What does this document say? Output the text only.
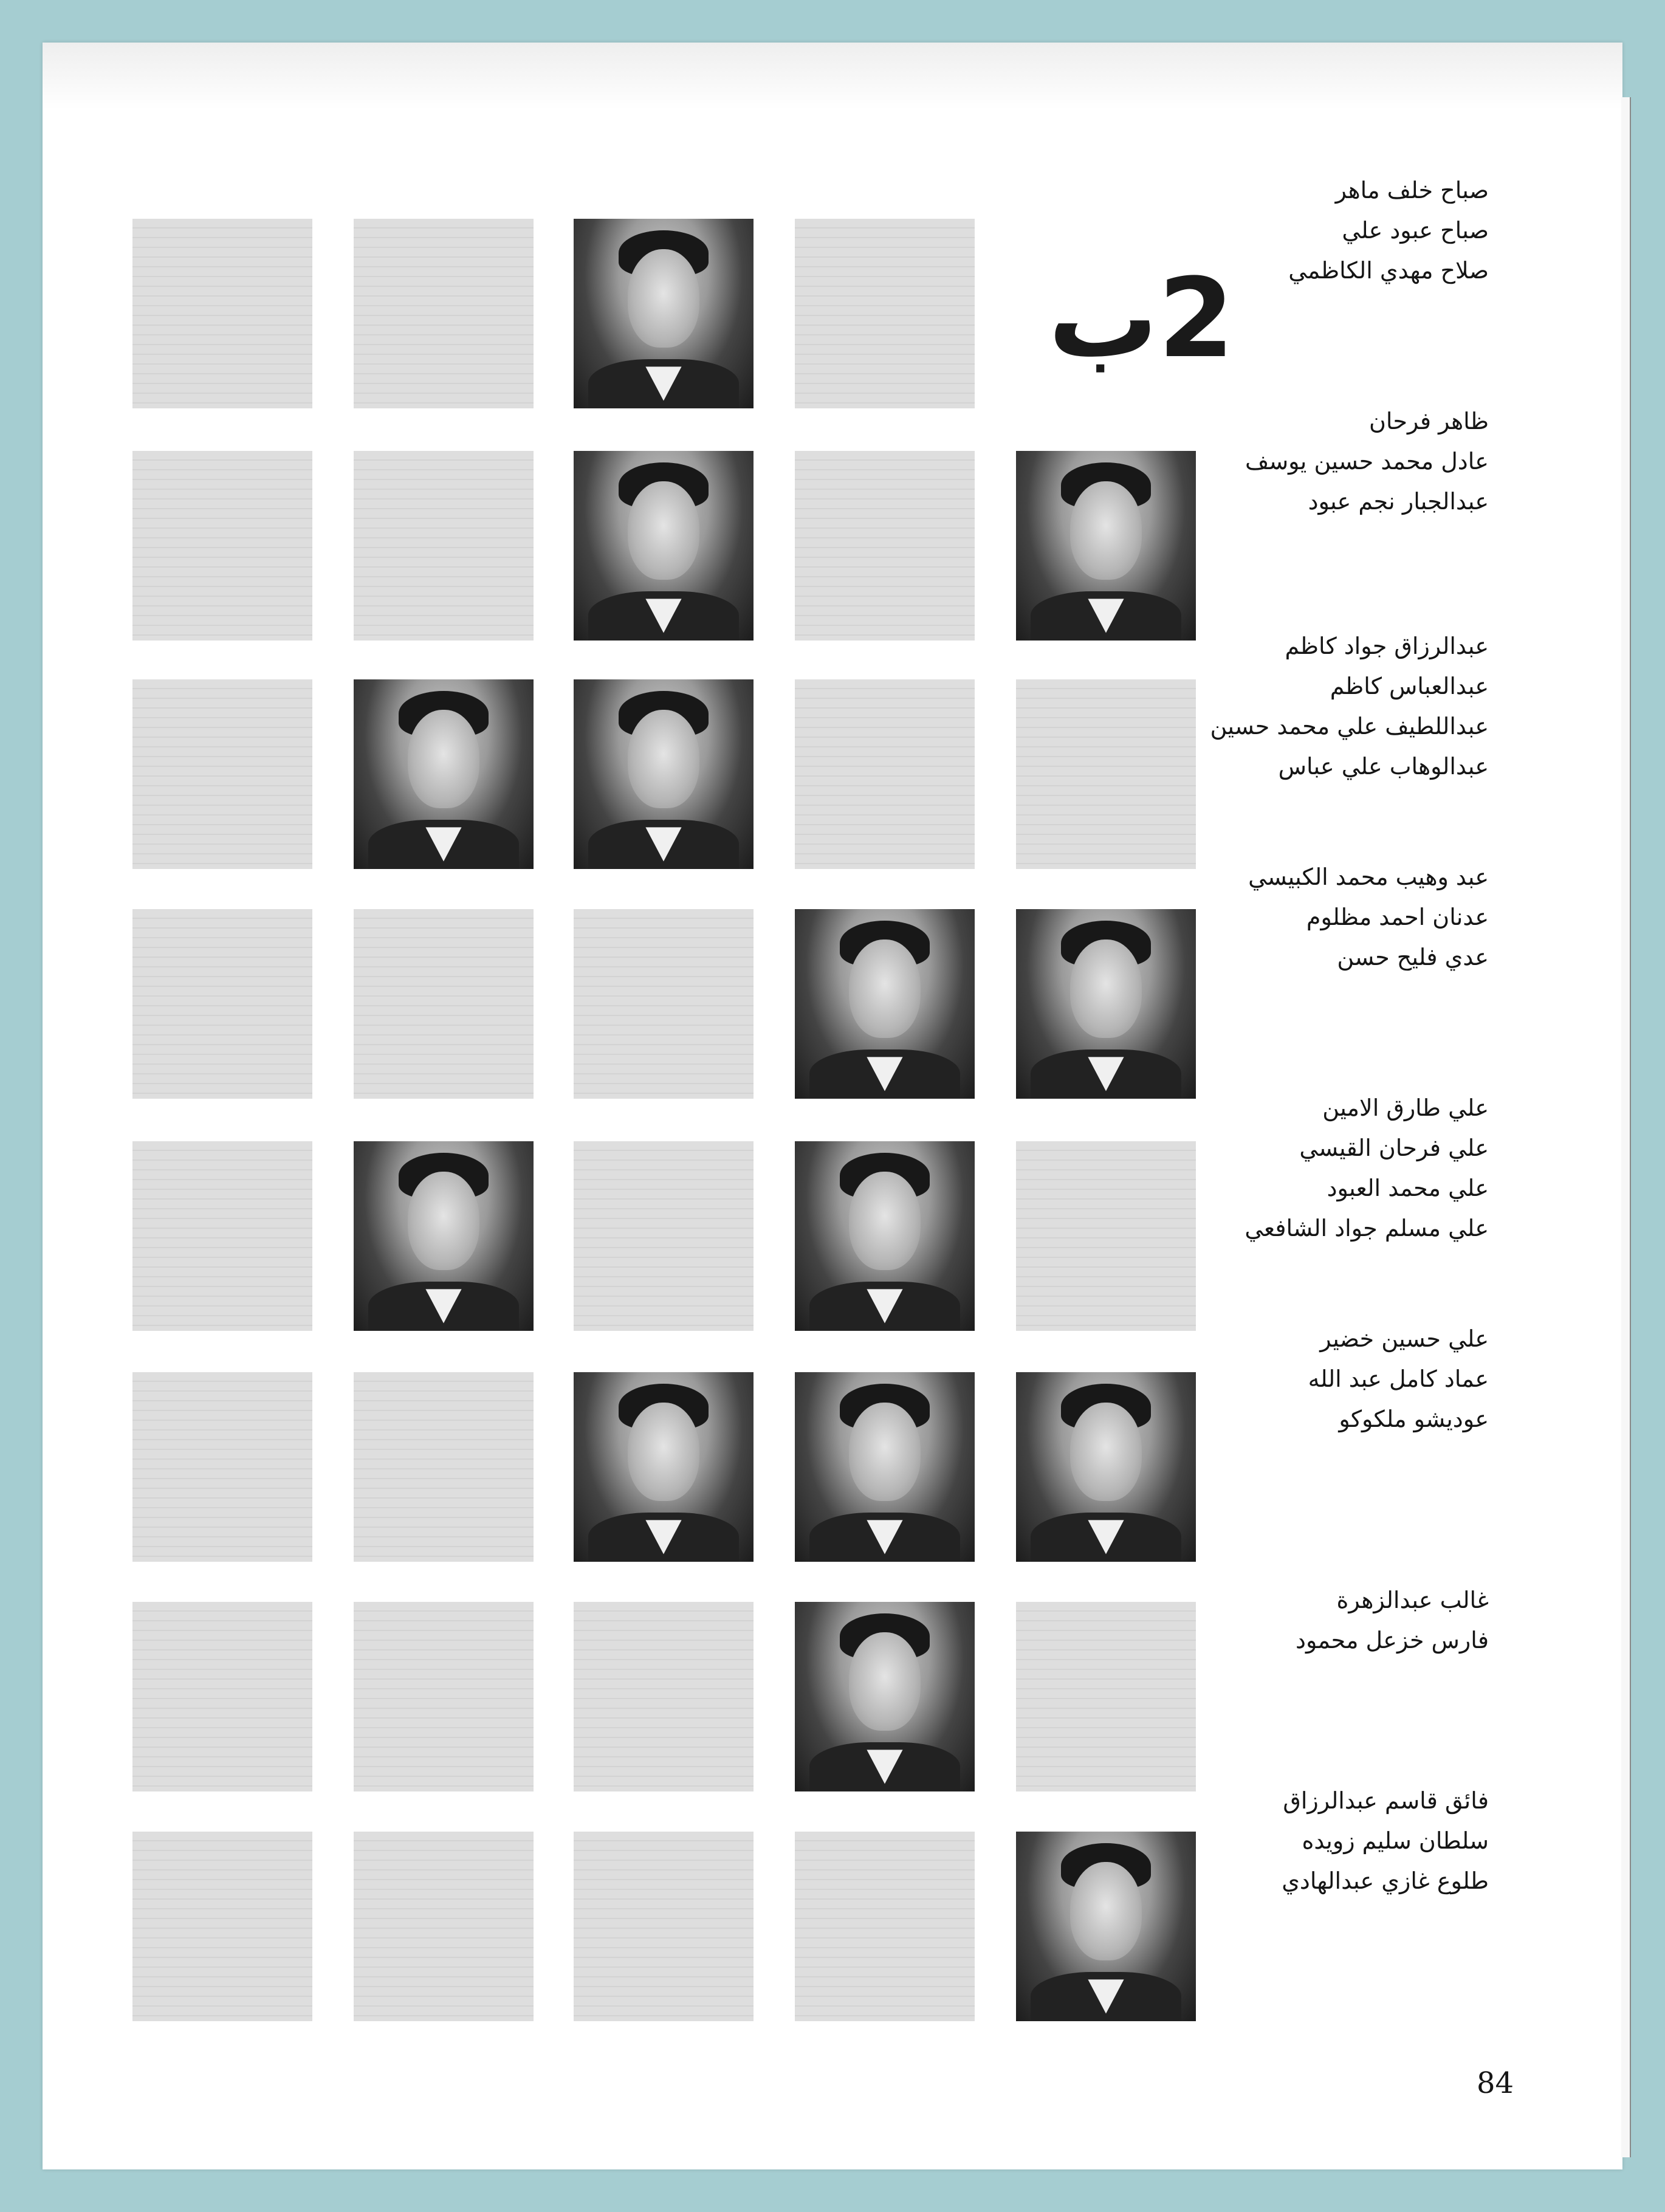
2ب
84
صباح خلف ماهر
صباح عبود علي
صلاح مهدي الكاظمي
ظاهر فرحان
عادل محمد حسين يوسف
عبدالجبار نجم عبود
عبدالرزاق جواد كاظم
عبدالعباس كاظم
عبداللطيف علي محمد حسين
عبدالوهاب علي عباس
عبد وهيب محمد الكبيسي
عدنان احمد مظلوم
عدي فليح حسن
علي طارق الامين
علي فرحان القيسي
علي محمد العبود
علي مسلم جواد الشافعي
علي حسين خضير
عماد كامل عبد الله
عوديشو ملكوكو
غالب عبدالزهرة
فارس خزعل محمود
فائق قاسم عبدالرزاق
سلطان سليم زويده
طلوع غازي عبدالهادي
